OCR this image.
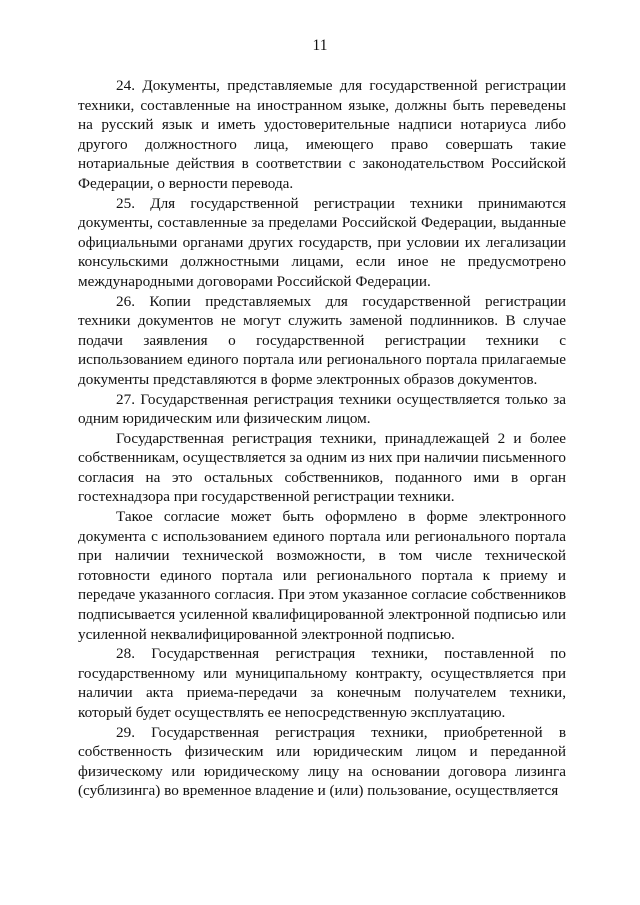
11

24. Документы, представляемые для государственной регистрации техники, составленные на иностранном языке, должны быть переведены на русский язык и иметь удостоверительные надписи нотариуса либо другого должностного лица, имеющего право совершать такие нотариальные действия в соответствии с законодательством Российской Федерации, о верности перевода.

25. Для государственной регистрации техники принимаются документы, составленные за пределами Российской Федерации, выданные официальными органами других государств, при условии их легализации консульскими должностными лицами, если иное не предусмотрено международными договорами Российской Федерации.

26. Копии представляемых для государственной регистрации техники документов не могут служить заменой подлинников. В случае подачи заявления о государственной регистрации техники с использованием единого портала или регионального портала прилагаемые документы представляются в форме электронных образов документов.

27. Государственная регистрация техники осуществляется только за одним юридическим или физическим лицом.

Государственная регистрация техники, принадлежащей 2 и более собственникам, осуществляется за одним из них при наличии письменного согласия на это остальных собственников, поданного ими в орган гостехнадзора при государственной регистрации техники.

Такое согласие может быть оформлено в форме электронного документа с использованием единого портала или регионального портала при наличии технической возможности, в том числе технической готовности единого портала или регионального портала к приему и передаче указанного согласия. При этом указанное согласие собственников подписывается усиленной квалифицированной электронной подписью или усиленной неквалифицированной электронной подписью.

28. Государственная регистрация техники, поставленной по государственному или муниципальному контракту, осуществляется при наличии акта приема-передачи за конечным получателем техники, который будет осуществлять ее непосредственную эксплуатацию.

29. Государственная регистрация техники, приобретенной в собственность физическим или юридическим лицом и переданной физическому или юридическому лицу на основании договора лизинга (сублизинга) во временное владение и (или) пользование, осуществляется
